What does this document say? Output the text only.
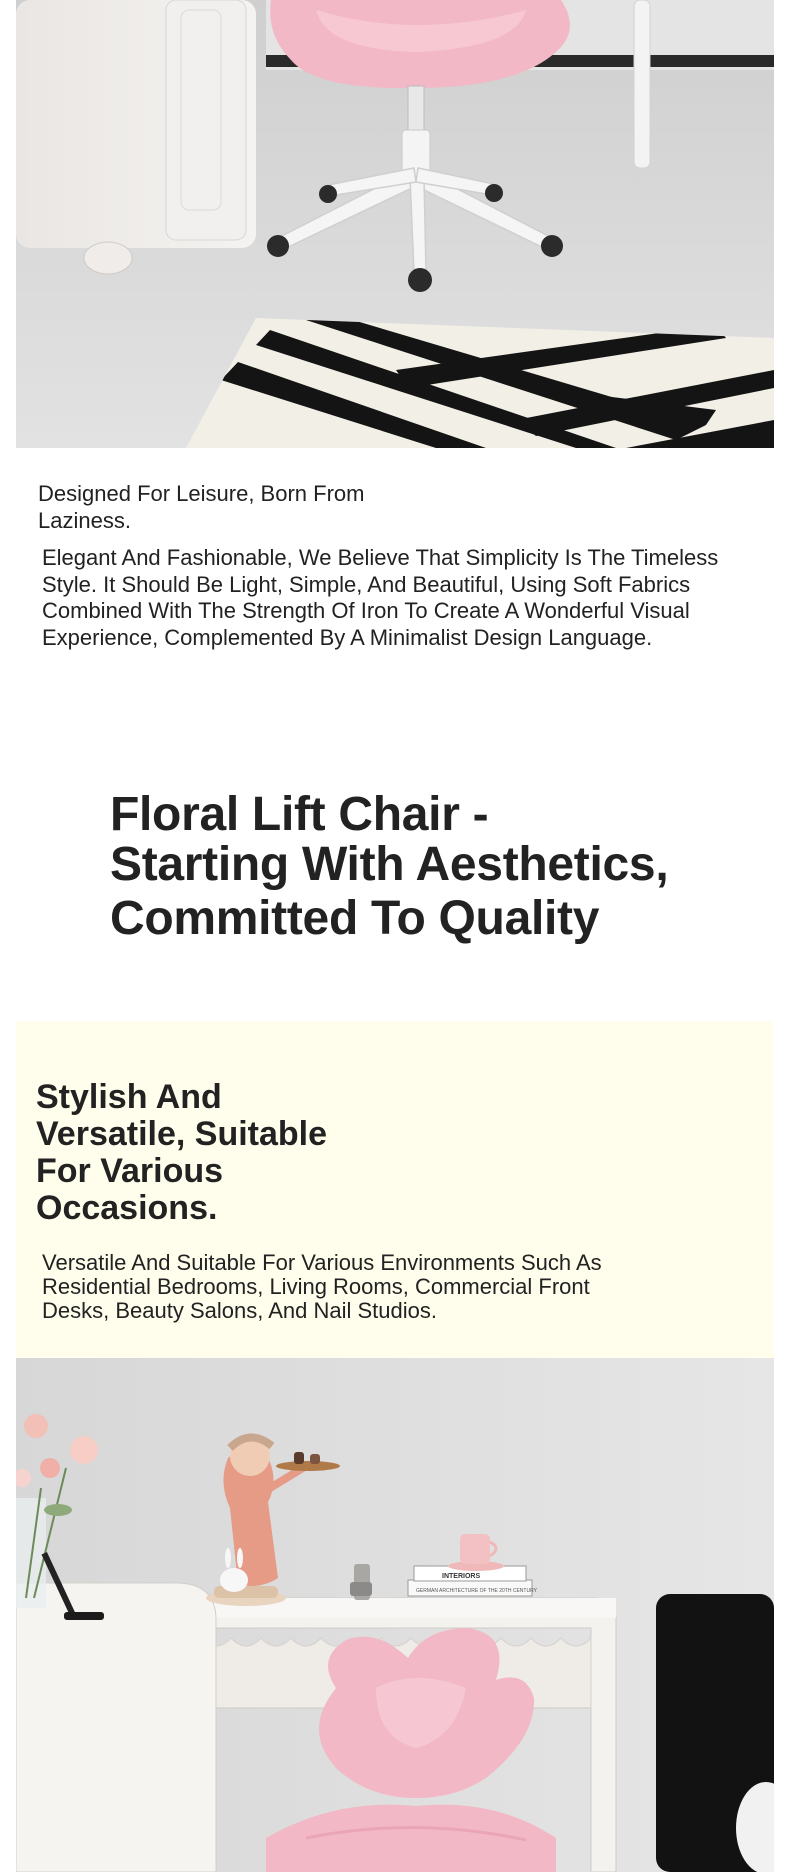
Designed For Leisure, Born From Laziness.
Elegant And Fashionable, We Believe That Simplicity Is The Timeless Style. It Should Be Light, Simple, And Beautiful, Using Soft Fabrics Combined With The Strength Of Iron To Create A Wonderful Visual Experience, Complemented By A Minimalist Design Language.
Floral Lift Chair -
Starting With Aesthetics,
Committed To Quality
Stylish And Versatile, Suitable For Various Occasions.
Versatile And Suitable For Various Environments Such As Residential Bedrooms, Living Rooms, Commercial Front Desks, Beauty Salons, And Nail Studios.
INTERIORS
GERMAN ARCHITECTURE OF THE 20TH CENTURY
